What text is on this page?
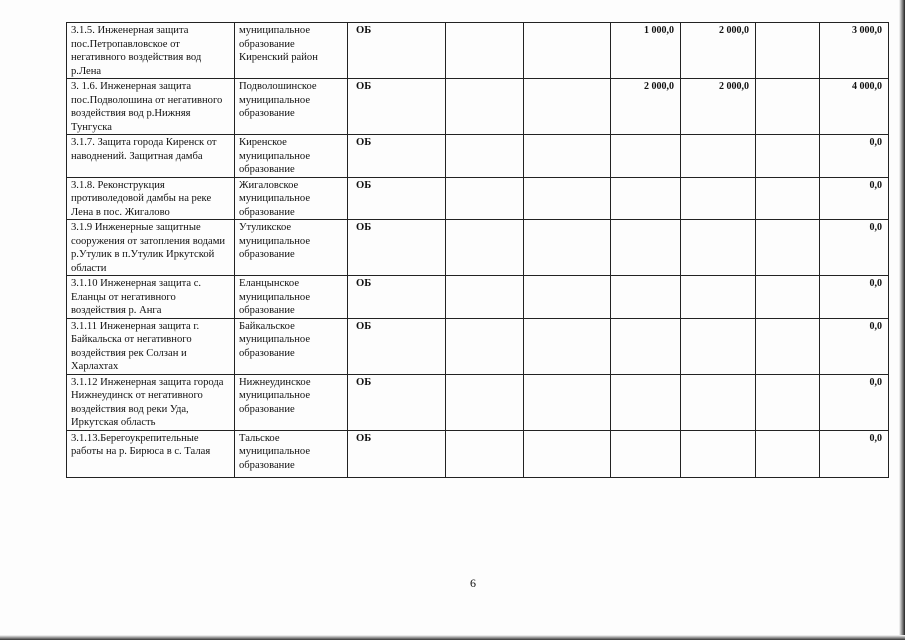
3.1.5. Инженерная защита пос.Петропавловское от негативного воздействия вод р.Лена	муниципальное образование Киренский район	ОБ			1 000,0	2 000,0		3 000,0
3. 1.6. Инженерная защита пос.Подволошина от негативного воздействия вод р.Нижняя Тунгуска	Подволошинское муниципальное образование	ОБ			2 000,0	2 000,0		4 000,0
3.1.7. Защита города Киренск от наводнений. Защитная дамба	Киренское муниципальное образование	ОБ						0,0
3.1.8. Реконструкция противоледовой дамбы на реке Лена в пос. Жигалово	Жигаловское муниципальное образование	ОБ						0,0
3.1.9 Инженерные защитные сооружения от затопления водами р.Утулик в п.Утулик Иркутской области	Утуликское муниципальное образование	ОБ						0,0
3.1.10 Инженерная защита с. Еланцы от негативного воздействия р. Анга	Еланцынское муниципальное образование	ОБ						0,0
3.1.11 Инженерная защита г. Байкальска от негативного воздействия рек Солзан и Харлахтах	Байкальское муниципальное образование	ОБ						0,0
3.1.12 Инженерная защита города Нижнеудинск от негативного воздействия вод реки Уда, Иркутская область	Нижнеудинское муниципальное образование	ОБ						0,0
3.1.13.Берегоукрепительные работы на р. Бирюса в с. Талая	Тальское муниципальное образование	ОБ						0,0
6
